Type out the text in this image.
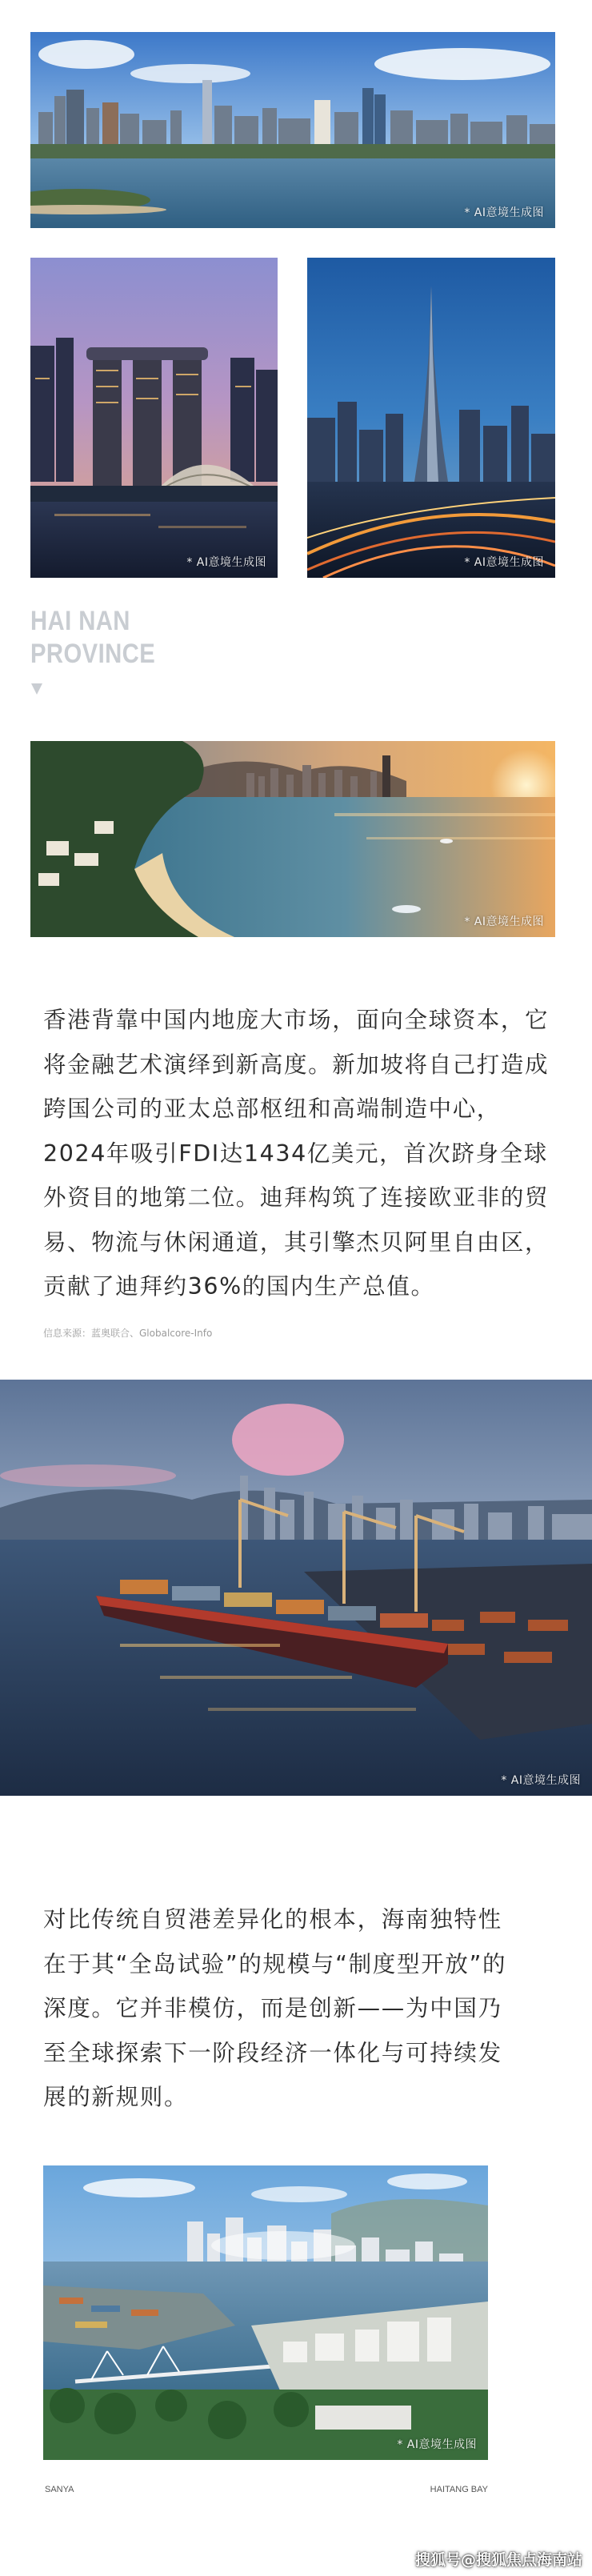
* AI意境生成图
* AI意境生成图	* AI意境生成图
HAI NAN
PROVINCE
* AI意境生成图

香港背靠中国内地庞大市场，面向全球资本，它将金融艺术演绎到新高度。新加坡将自己打造成跨国公司的亚太总部枢纽和高端制造中心，2024年吸引FDI达1434亿美元，首次跻身全球外资目的地第二位。迪拜构筑了连接欧亚非的贸易、物流与休闲通道，其引擎杰贝阿里自由区，贡献了迪拜约36%的国内生产总值。

信息来源：蓝奥联合、Globalcore-Info
* AI意境生成图

对比传统自贸港差异化的根本，海南独特性在于其“全岛试验”的规模与“制度型开放”的深度。它并非模仿，而是创新——为中国乃至全球探索下一阶段经济一体化与可持续发展的新规则。

* AI意境生成图
SANYA	HAITANG BAY
搜狐号@搜狐焦点海南站
